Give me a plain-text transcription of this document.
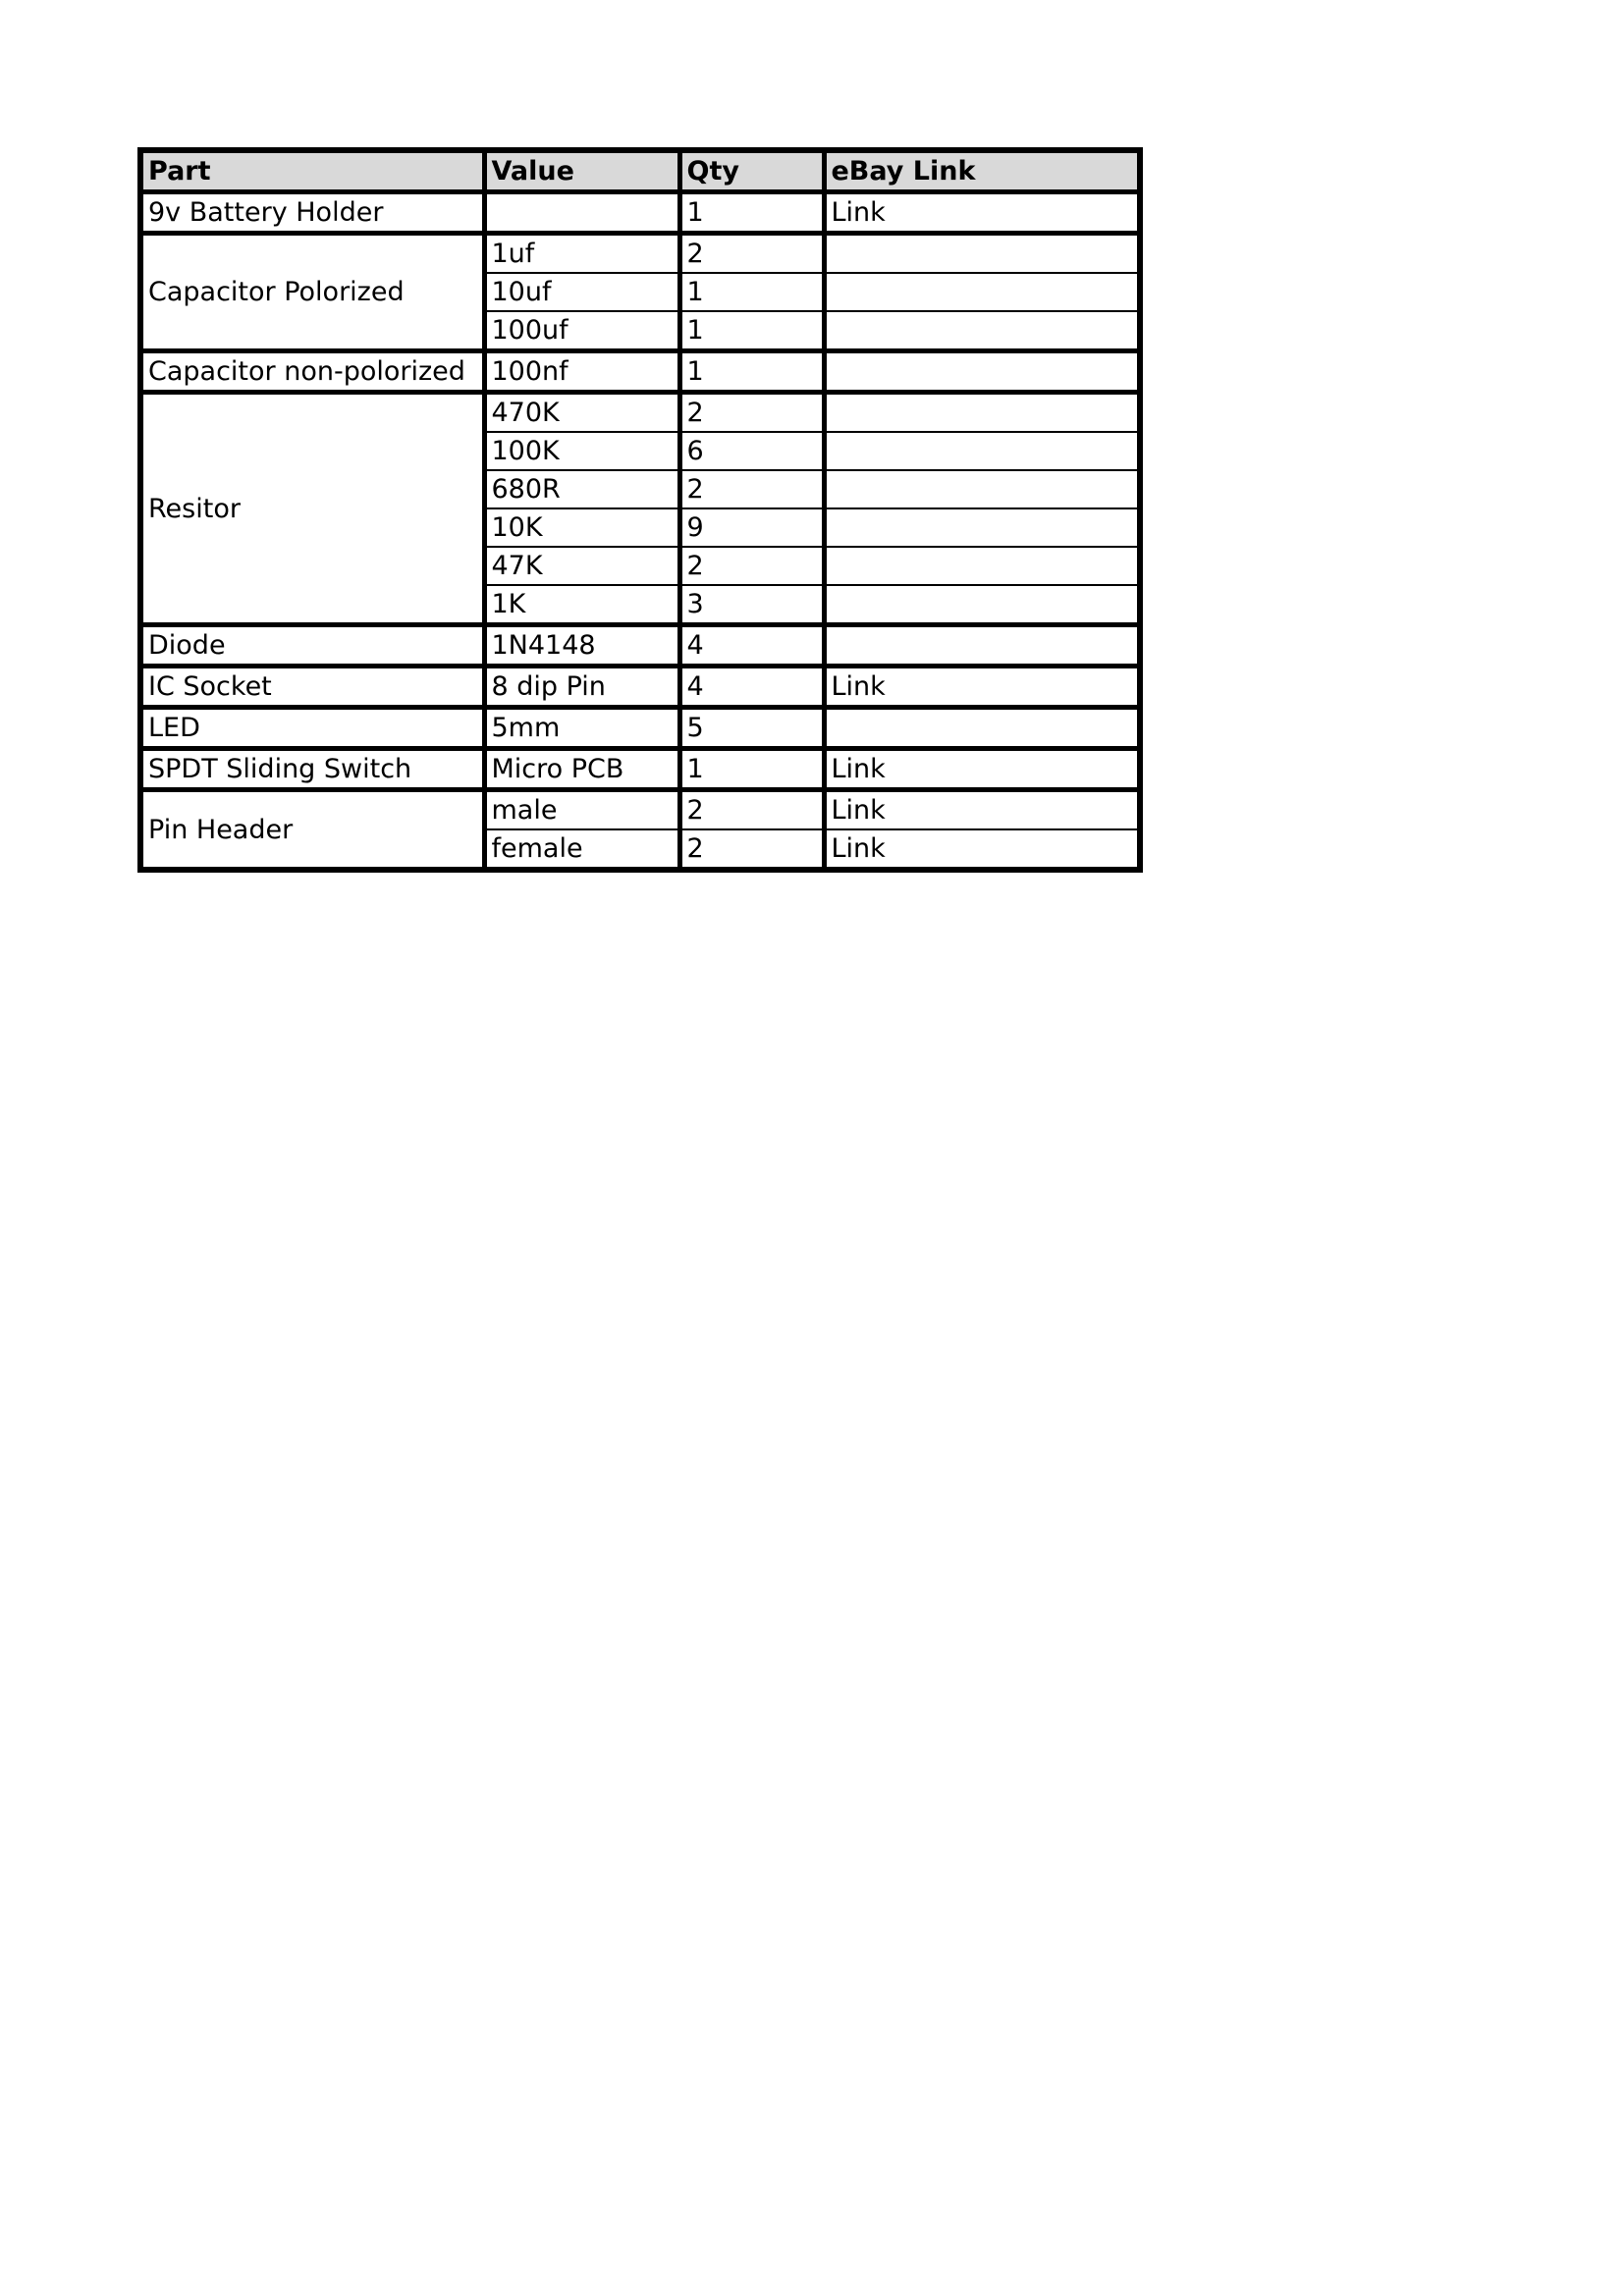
Part	Value	Qty	eBay Link
9v Battery Holder		1	Link
Capacitor Polorized	1uf	2	
	10uf	1	
	100uf	1	
Capacitor non-polorized	100nf	1	
Resitor	470K	2	
	100K	6	
	680R	2	
	10K	9	
	47K	2	
	1K	3	
Diode	1N4148	4	
IC Socket	8 dip Pin	4	Link
LED	5mm	5	
SPDT Sliding Switch	Micro PCB	1	Link
Pin Header	male	2	Link
	female	2	Link
